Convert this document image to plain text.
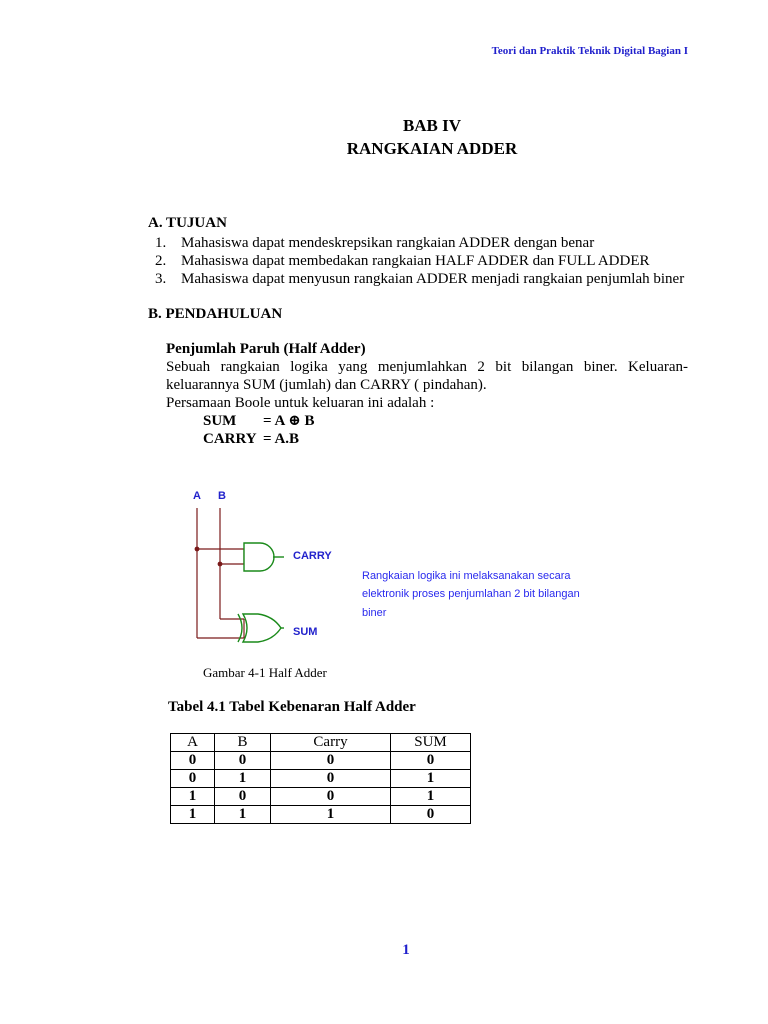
Teori dan Praktik Teknik Digital Bagian I
BAB IV
RANGKAIAN ADDER
A. TUJUAN
1. Mahasiswa dapat mendeskrepsikan rangkaian ADDER dengan benar
2. Mahasiswa dapat membedakan rangkaian HALF ADDER dan FULL ADDER
3. Mahasiswa dapat menyusun rangkaian ADDER menjadi rangkaian penjumlah biner
B. PENDAHULUAN
Penjumlah Paruh (Half Adder)
Sebuah rangkaian logika yang menjumlahkan 2 bit bilangan biner. Keluaran-keluarannya SUM (jumlah) dan CARRY ( pindahan).
Persamaan Boole untuk keluaran ini adalah :
SUM = A ⊕ B
CARRY = A.B
A B
CARRY
SUM
Rangkaian logika ini melaksanakan secara
elektronik proses penjumlahan 2 bit bilangan
biner
Gambar 4-1 Half Adder
Tabel 4.1 Tabel Kebenaran Half Adder
A	B	Carry	SUM
0	0	0	0
0	1	0	1
1	0	0	1
1	1	1	0
1
